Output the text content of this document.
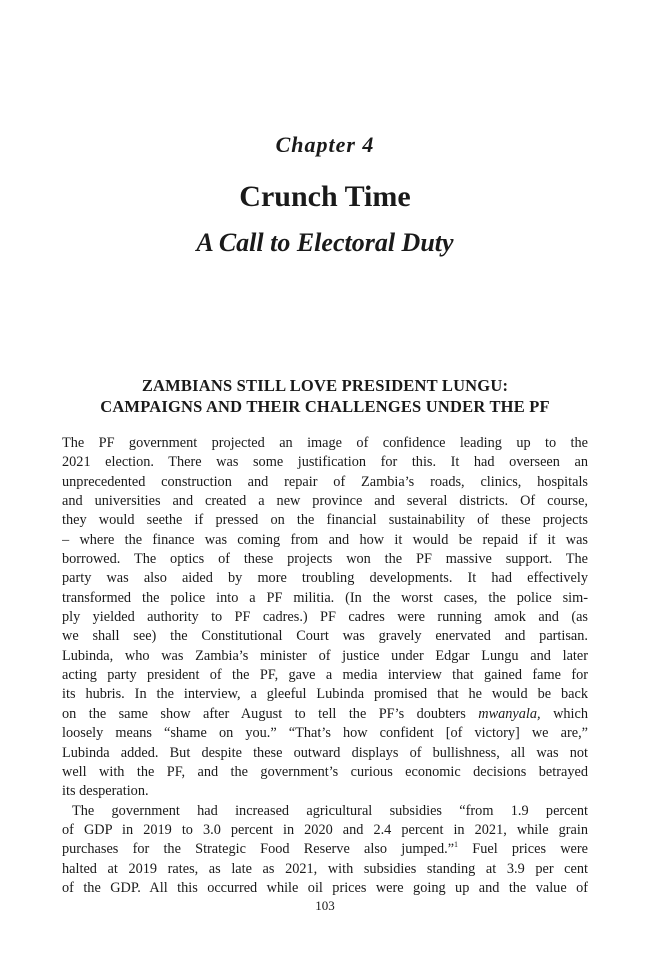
Chapter 4
Crunch Time
A Call to Electoral Duty
ZAMBIANS STILL LOVE PRESIDENT LUNGU:
CAMPAIGNS AND THEIR CHALLENGES UNDER THE PF
The PF government projected an image of confidence leading up to the
2021 election. There was some justification for this. It had overseen an
unprecedented construction and repair of Zambia’s roads, clinics, hospitals
and universities and created a new province and several districts. Of course,
they would seethe if pressed on the financial sustainability of these projects
– where the finance was coming from and how it would be repaid if it was
borrowed. The optics of these projects won the PF massive support. The
party was also aided by more troubling developments. It had effectively
transformed the police into a PF militia. (In the worst cases, the police sim-
ply yielded authority to PF cadres.) PF cadres were running amok and (as
we shall see) the Constitutional Court was gravely enervated and partisan.
Lubinda, who was Zambia’s minister of justice under Edgar Lungu and later
acting party president of the PF, gave a media interview that gained fame for
its hubris. In the interview, a gleeful Lubinda promised that he would be back
on the same show after August to tell the PF’s doubters mwanyala, which
loosely means “shame on you.” “That’s how confident [of victory] we are,”
Lubinda added. But despite these outward displays of bullishness, all was not
well with the PF, and the government’s curious economic decisions betrayed
its desperation.
The government had increased agricultural subsidies “from 1.9 percent
of GDP in 2019 to 3.0 percent in 2020 and 2.4 percent in 2021, while grain
purchases for the Strategic Food Reserve also jumped.”$^1$ Fuel prices were
halted at 2019 rates, as late as 2021, with subsidies standing at 3.9 per cent
of the GDP. All this occurred while oil prices were going up and the value of
103
